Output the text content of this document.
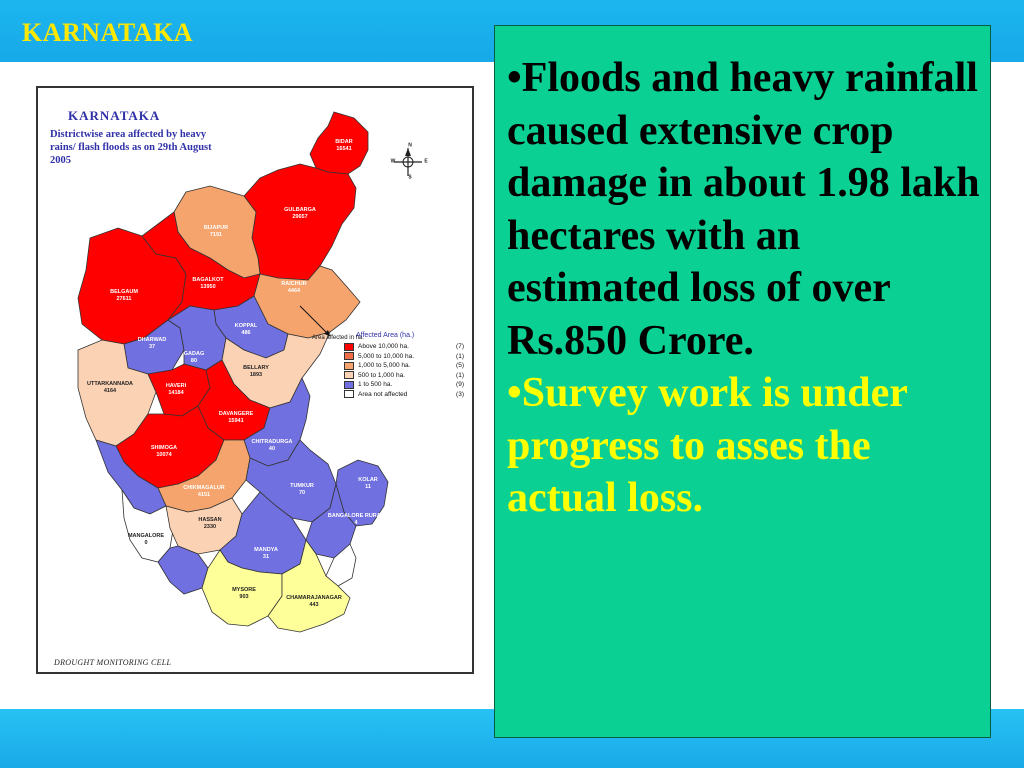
KARNATAKA
KARNATAKA
Districtwise area affected by heavy rains/ flash floods as on 29th August 2005
N
E
S
W
Area affected in ha.
Affected Area (ha.)
Above 10,000 ha.	(7)
5,000 to 10,000 ha.	(1)
1,000 to 5,000 ha.	(5)
500 to 1,000 ha.	(1)
1 to 500 ha.	(9)
Area not affected	(3)
BIDAR
16541
GULBARGA
29657
BIJAPUR
7191
BELGAUM
27611
BAGALKOT
13950	RAICHUR
4464
DHARWAD
37
GADAG
80
KOPPAL
486
BELLARY
1893
UTTARKANNADA
4164
HAVERI
14184
DAVANGERE
15941
CHITRADURGA
40
SHIMOGA
10074
CHIKMAGALUR
4151
TUMKUR
70
KOLAR
11
BANGALORE RURAL
4
MANGALORE
0
HASSAN
2330
MANDYA
31
MYSORE
903	CHAMARAJANAGAR
443
DROUGHT MONITORING CELL

•Floods and heavy rainfall caused extensive crop damage in about 1.98 lakh hectares with an estimated loss of over Rs.850 Crore.

•Survey work is under progress to asses the actual loss.
